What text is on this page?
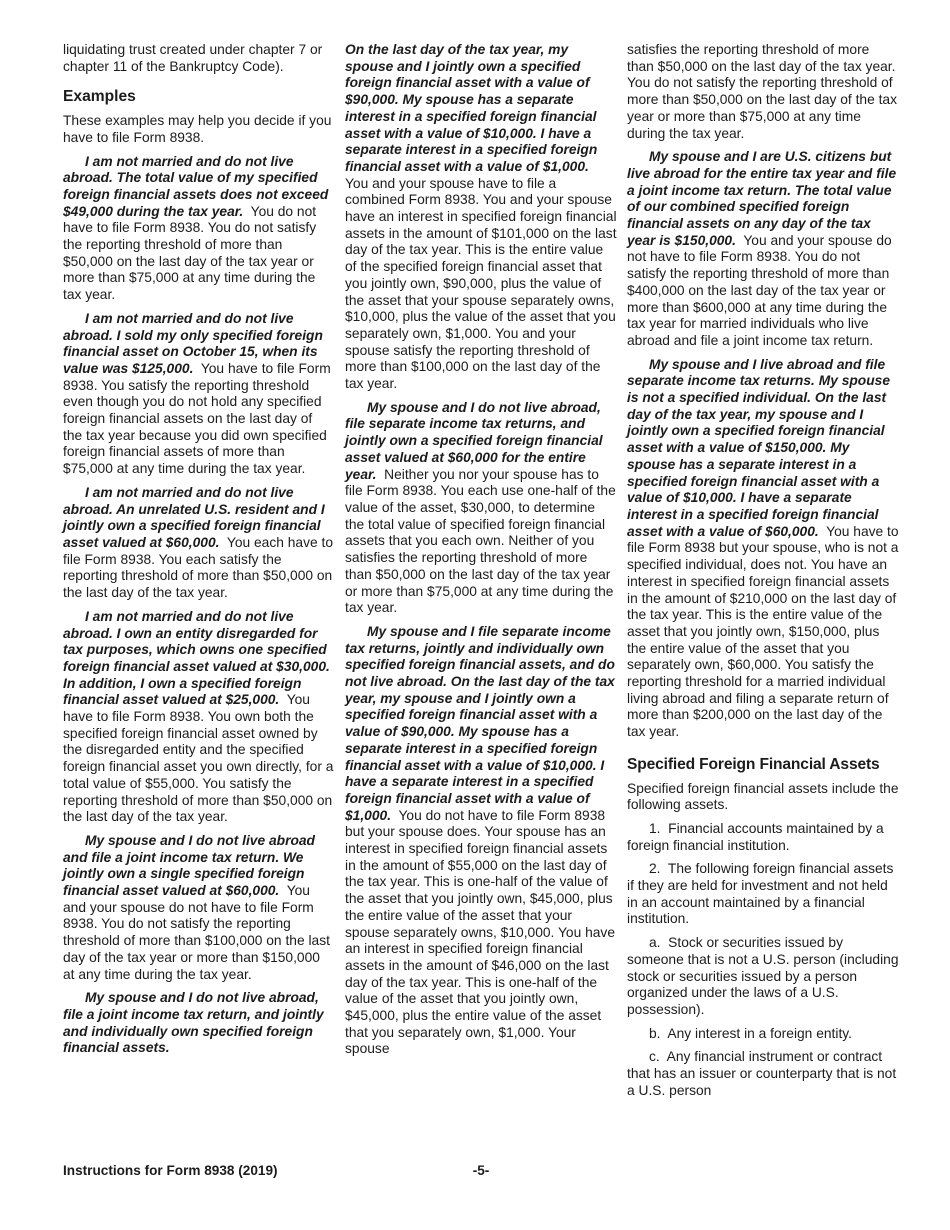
liquidating trust created under chapter 7 or chapter 11 of the Bankruptcy Code).

Examples

These examples may help you decide if you have to file Form 8938.

I am not married and do not live abroad. The total value of my specified foreign financial assets does not exceed $49,000 during the tax year.  You do not have to file Form 8938. You do not satisfy the reporting threshold of more than $50,000 on the last day of the tax year or more than $75,000 at any time during the tax year.

I am not married and do not live abroad. I sold my only specified foreign financial asset on October 15, when its value was $125,000.  You have to file Form 8938. You satisfy the reporting threshold even though you do not hold any specified foreign financial assets on the last day of the tax year because you did own specified foreign financial assets of more than $75,000 at any time during the tax year.

I am not married and do not live abroad. An unrelated U.S. resident and I jointly own a specified foreign financial asset valued at $60,000.  You each have to file Form 8938. You each satisfy the reporting threshold of more than $50,000 on the last day of the tax year.

I am not married and do not live abroad. I own an entity disregarded for tax purposes, which owns one specified foreign financial asset valued at $30,000. In addition, I own a specified foreign financial asset valued at $25,000.  You have to file Form 8938. You own both the specified foreign financial asset owned by the disregarded entity and the specified foreign financial asset you own directly, for a total value of $55,000. You satisfy the reporting threshold of more than $50,000 on the last day of the tax year.

My spouse and I do not live abroad and file a joint income tax return. We jointly own a single specified foreign financial asset valued at $60,000.  You and your spouse do not have to file Form 8938. You do not satisfy the reporting threshold of more than $100,000 on the last day of the tax year or more than $150,000 at any time during the tax year.

My spouse and I do not live abroad, file a joint income tax return, and jointly and individually own specified foreign financial assets.

On the last day of the tax year, my spouse and I jointly own a specified foreign financial asset with a value of $90,000. My spouse has a separate interest in a specified foreign financial asset with a value of $10,000. I have a separate interest in a specified foreign financial asset with a value of $1,000.  You and your spouse have to file a combined Form 8938. You and your spouse have an interest in specified foreign financial assets in the amount of $101,000 on the last day of the tax year. This is the entire value of the specified foreign financial asset that you jointly own, $90,000, plus the value of the asset that your spouse separately owns, $10,000, plus the value of the asset that you separately own, $1,000. You and your spouse satisfy the reporting threshold of more than $100,000 on the last day of the tax year.

My spouse and I do not live abroad, file separate income tax returns, and jointly own a specified foreign financial asset valued at $60,000 for the entire year.  Neither you nor your spouse has to file Form 8938. You each use one-half of the value of the asset, $30,000, to determine the total value of specified foreign financial assets that you each own. Neither of you satisfies the reporting threshold of more than $50,000 on the last day of the tax year or more than $75,000 at any time during the tax year.

My spouse and I file separate income tax returns, jointly and individually own specified foreign financial assets, and do not live abroad. On the last day of the tax year, my spouse and I jointly own a specified foreign financial asset with a value of $90,000. My spouse has a separate interest in a specified foreign financial asset with a value of $10,000. I have a separate interest in a specified foreign financial asset with a value of $1,000.  You do not have to file Form 8938 but your spouse does. Your spouse has an interest in specified foreign financial assets in the amount of $55,000 on the last day of the tax year. This is one-half of the value of the asset that you jointly own, $45,000, plus the entire value of the asset that your spouse separately owns, $10,000. You have an interest in specified foreign financial assets in the amount of $46,000 on the last day of the tax year. This is one-half of the value of the asset that you jointly own, $45,000, plus the entire value of the asset that you separately own, $1,000. Your spouse

satisfies the reporting threshold of more than $50,000 on the last day of the tax year. You do not satisfy the reporting threshold of more than $50,000 on the last day of the tax year or more than $75,000 at any time during the tax year.

My spouse and I are U.S. citizens but live abroad for the entire tax year and file a joint income tax return. The total value of our combined specified foreign financial assets on any day of the tax year is $150,000.  You and your spouse do not have to file Form 8938. You do not satisfy the reporting threshold of more than $400,000 on the last day of the tax year or more than $600,000 at any time during the tax year for married individuals who live abroad and file a joint income tax return.

My spouse and I live abroad and file separate income tax returns. My spouse is not a specified individual. On the last day of the tax year, my spouse and I jointly own a specified foreign financial asset with a value of $150,000. My spouse has a separate interest in a specified foreign financial asset with a value of $10,000. I have a separate interest in a specified foreign financial asset with a value of $60,000.  You have to file Form 8938 but your spouse, who is not a specified individual, does not. You have an interest in specified foreign financial assets in the amount of $210,000 on the last day of the tax year. This is the entire value of the asset that you jointly own, $150,000, plus the entire value of the asset that you separately own, $60,000. You satisfy the reporting threshold for a married individual living abroad and filing a separate return of more than $200,000 on the last day of the tax year.

Specified Foreign Financial Assets

Specified foreign financial assets include the following assets.

1.  Financial accounts maintained by a foreign financial institution.

2.  The following foreign financial assets if they are held for investment and not held in an account maintained by a financial institution.

a.  Stock or securities issued by someone that is not a U.S. person (including stock or securities issued by a person organized under the laws of a U.S. possession).

b.  Any interest in a foreign entity.

c.  Any financial instrument or contract that has an issuer or counterparty that is not a U.S. person

Instructions for Form 8938 (2019)	-5-
